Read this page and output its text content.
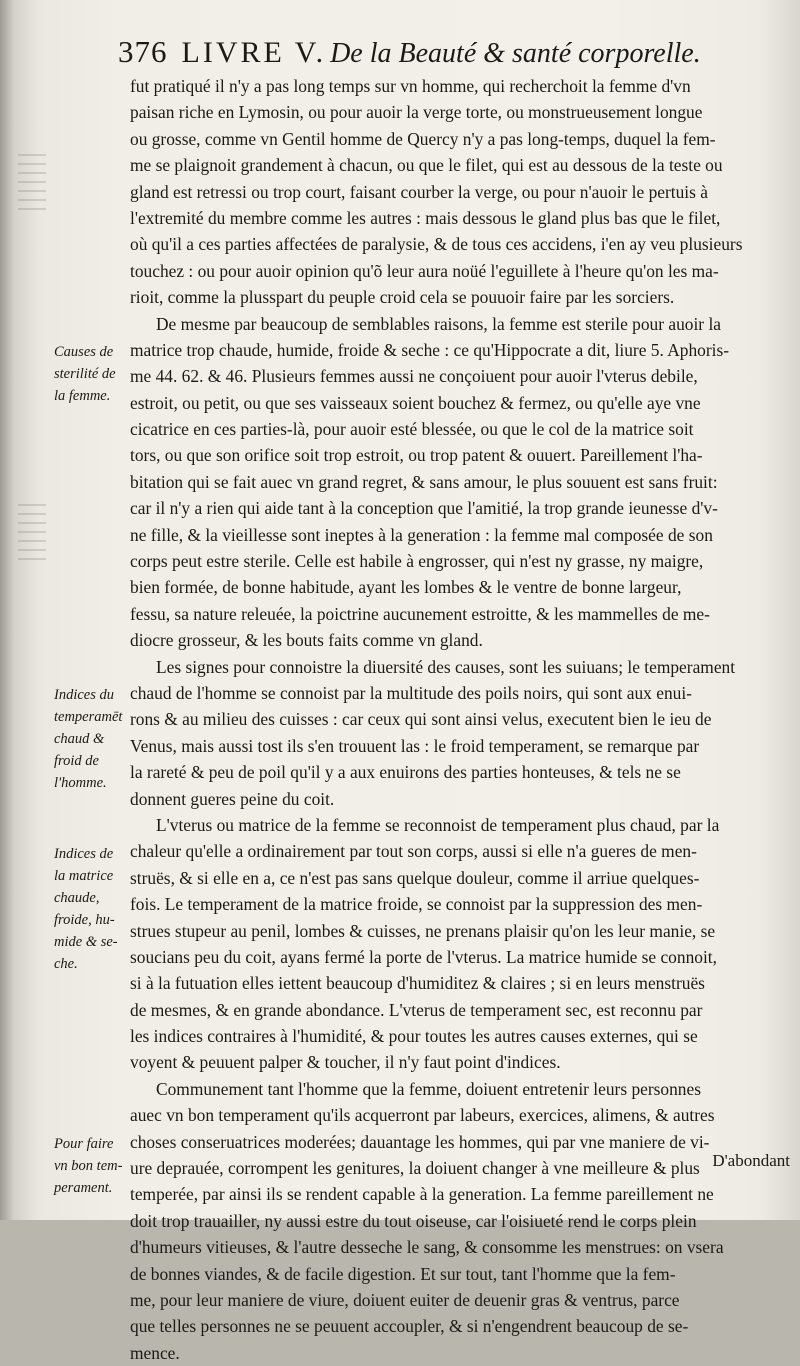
376 LIVRE V. De la Beauté & santé corporelle.
fut pratiqué il n'y a pas long temps sur vn homme, qui recherchoit la femme d'vn
paisan riche en Lymosin, ou pour auoir la verge torte, ou monstrueusement longue
ou grosse, comme vn Gentil homme de Quercy n'y a pas long-temps, duquel la fem-
me se plaignoit grandement à chacun, ou que le filet, qui est au dessous de la teste ou
gland est retressi ou trop court, faisant courber la verge, ou pour n'auoir le pertuis à
l'extremité du membre comme les autres : mais dessous le gland plus bas que le filet,
où qu'il a ces parties affectées de paralysie, & de tous ces accidens, i'en ay veu plusieurs
touchez : ou pour auoir opinion qu'õ leur aura noüé l'eguillete à l'heure qu'on les ma-
rioit, comme la plusspart du peuple croid cela se pouuoir faire par les sorciers.
De mesme par beaucoup de semblables raisons, la femme est sterile pour auoir la
matrice trop chaude, humide, froide & seche : ce qu'Hippocrate a dit, liure 5. Aphoris-
me 44. 62. & 46. Plusieurs femmes aussi ne conçoiuent pour auoir l'vterus debile,
estroit, ou petit, ou que ses vaisseaux soient bouchez & fermez, ou qu'elle aye vne
cicatrice en ces parties-là, pour auoir esté blessée, ou que le col de la matrice soit
tors, ou que son orifice soit trop estroit, ou trop patent & ouuert. Pareillement l'ha-
bitation qui se fait auec vn grand regret, & sans amour, le plus souuent est sans fruit:
car il n'y a rien qui aide tant à la conception que l'amitié, la trop grande ieunesse d'v-
ne fille, & la vieillesse sont ineptes à la generation : la femme mal composée de son
corps peut estre sterile. Celle est habile à engrosser, qui n'est ny grasse, ny maigre,
bien formée, de bonne habitude, ayant les lombes & le ventre de bonne largeur,
fessu, sa nature releuée, la poictrine aucunement estroitte, & les mammelles de me-
diocre grosseur, & les bouts faits comme vn gland.
Les signes pour connoistre la diuersité des causes, sont les suiuans; le temperament
chaud de l'homme se connoist par la multitude des poils noirs, qui sont aux enui-
rons & au milieu des cuisses : car ceux qui sont ainsi velus, executent bien le ieu de
Venus, mais aussi tost ils s'en trouuent las : le froid temperament, se remarque par
la rareté & peu de poil qu'il y a aux enuirons des parties honteuses, & tels ne se
donnent gueres peine du coit.
L'vterus ou matrice de la femme se reconnoist de temperament plus chaud, par la
chaleur qu'elle a ordinairement par tout son corps, aussi si elle n'a gueres de men-
struës, & si elle en a, ce n'est pas sans quelque douleur, comme il arriue quelques-
fois. Le temperament de la matrice froide, se connoist par la suppression des men-
strues stupeur au penil, lombes & cuisses, ne prenans plaisir qu'on les leur manie, se
soucians peu du coit, ayans fermé la porte de l'vterus. La matrice humide se connoit,
si à la futuation elles iettent beaucoup d'humiditez & claires ; si en leurs menstruës
de mesmes, & en grande abondance. L'vterus de temperament sec, est reconnu par
les indices contraires à l'humidité, & pour toutes les autres causes externes, qui se
voyent & peuuent palper & toucher, il n'y faut point d'indices.
Communement tant l'homme que la femme, doiuent entretenir leurs personnes
auec vn bon temperament qu'ils acquerront par labeurs, exercices, alimens, & autres
choses conseruatrices moderées; dauantage les hommes, qui par vne maniere de vi-
ure deprauée, corrompent les genitures, la doiuent changer à vne meilleure & plus
temperée, par ainsi ils se rendent capable à la generation. La femme pareillement ne
doit trop trauailler, ny aussi estre du tout oiseuse, car l'oisiueté rend le corps plein
d'humeurs vitieuses, & l'autre desseche le sang, & consomme les menstrues: on vsera
de bonnes viandes, & de facile digestion. Et sur tout, tant l'homme que la fem-
me, pour leur maniere de viure, doiuent euiter de deuenir gras & ventrus, parce
que telles personnes ne se peuuent accoupler, & si n'engendrent beaucoup de se-
mence.
Causes de
sterilité de
la femme.
Indices du
temperamēt
chaud &
froid de
l'homme.
Indices de
la matrice
chaude,
froide, hu-
mide & se-
che.
Pour faire
vn bon tem-
perament.
D'abondant
